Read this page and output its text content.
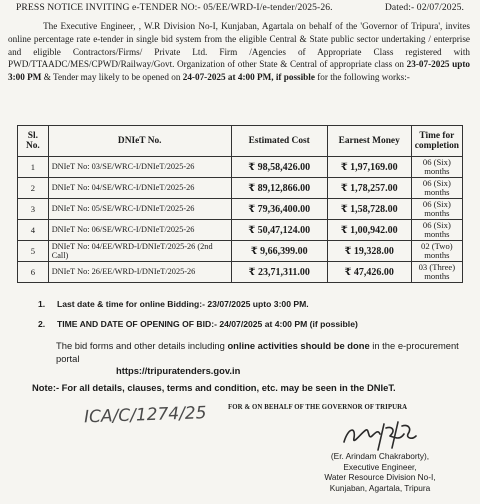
PRESS NOTICE INVITING e-TENDER NO:- 05/EE/WRD-I/e-tender/2025-26.	Dated:- 02/07/2025.
The Executive Engineer, , W.R Division No-I, Kunjaban, Agartala on behalf of the 'Governor of Tripura', invites online percentage rate e-tender in single bid system from the eligible Central & State public sector undertaking / enterprise and eligible Contractors/Firms/ Private Ltd. Firm /Agencies of Appropriate Class registered with PWD/TTAADC/MES/CPWD/Railway/Govt. Organization of other State & Central of appropriate class on 23-07-2025 upto 3:00 PM & Tender may likely to be opened on 24-07-2025 at 4:00 PM, if possible for the following works:-
Sl. No.	DNIeT No.	Estimated Cost	Earnest Money	Time for completion
1	DNIeT No: 03/SE/WRC-I/DNIeT/2025-26	₹ 98,58,426.00	₹ 1,97,169.00	06 (Six) months
2	DNIeT No: 04/SE/WRC-I/DNIeT/2025-26	₹ 89,12,866.00	₹ 1,78,257.00	06 (Six) months
3	DNIeT No: 05/SE/WRC-I/DNIeT/2025-26	₹ 79,36,400.00	₹ 1,58,728.00	06 (Six) months
4	DNIeT No: 06/SE/WRC-I/DNIeT/2025-26	₹ 50,47,124.00	₹ 1,00,942.00	06 (Six) months
5	DNIeT No: 04/EE/WRD-I/DNIeT/2025-26 (2nd Call)	₹ 9,66,399.00	₹ 19,328.00	02 (Two) months
6	DNIeT No: 26/EE/WRD-I/DNIeT/2025-26	₹ 23,71,311.00	₹ 47,426.00	03 (Three) months
1. Last date & time for online Bidding:- 23/07/2025 upto 3:00 PM.
2. TIME AND DATE OF OPENING OF BID:- 24/07/2025 at 4:00 PM (if possible)
The bid forms and other details including online activities should be done in the e-procurement portal
https://tripuratenders.gov.in
Note:- For all details, clauses, terms and condition, etc. may be seen in the DNIeT.
ICA/C/1274/25	FOR & ON BEHALF OF THE GOVERNOR OF TRIPURA
(Er. Arindam Chakraborty),
Executive Engineer,
Water Resource Division No-I,
Kunjaban, Agartala, Tripura
